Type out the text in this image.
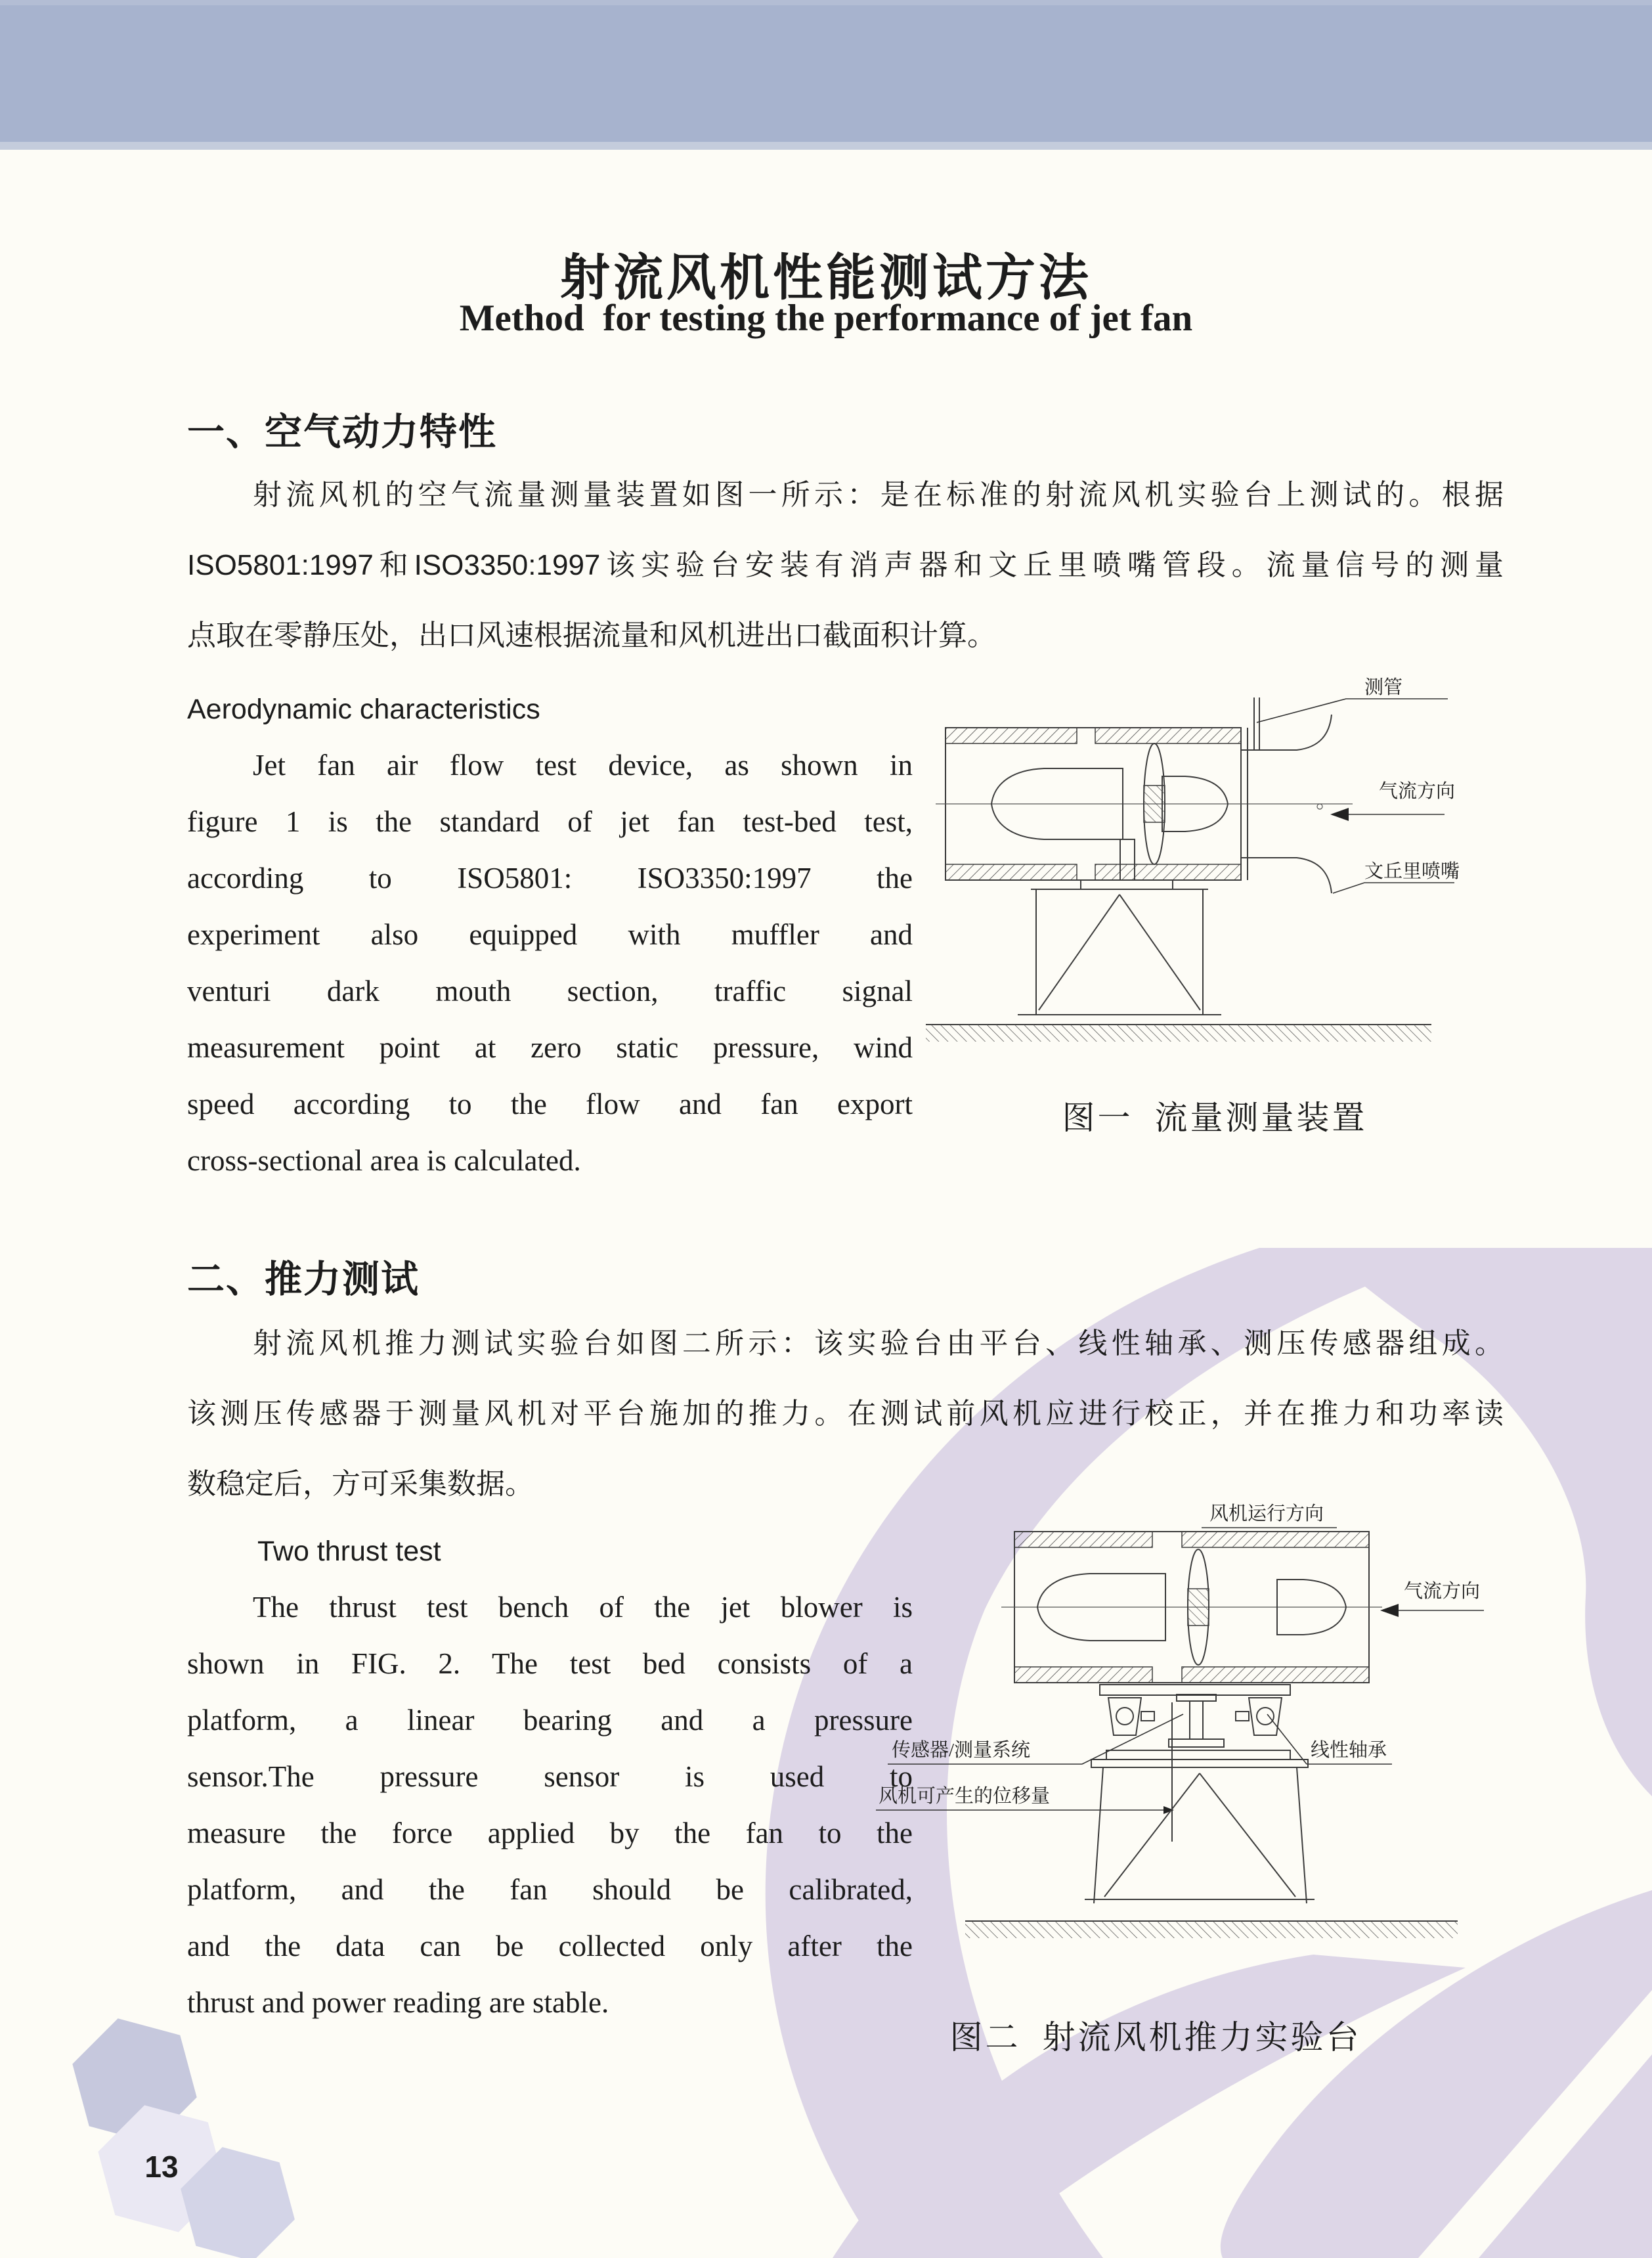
射流风机性能测试方法
Method  for testing the performance of jet fan
一、空气动力特性
射流风机的空气流量测量装置如图一所示：是在标准的射流风机实验台上测试的。根据
ISO5801:1997和ISO3350:1997该实验台安装有消声器和文丘里喷嘴管段。流量信号的测量
点取在零静压处，出口风速根据流量和风机进出口截面积计算。
Aerodynamic characteristics
Jet fan air flow test device, as shown in
figure 1 is the standard of jet fan test-bed test,
according to ISO5801: ISO3350:1997 the
experiment also equipped with muffler and
venturi dark mouth section, traffic signal
measurement point at zero static pressure, wind
speed according to the flow and fan export
cross-sectional area is calculated.
测管
气流方向
文丘里喷嘴
图一  流量测量装置
二、推力测试
射流风机推力测试实验台如图二所示：该实验台由平台、线性轴承、测压传感器组成。
该测压传感器于测量风机对平台施加的推力。在测试前风机应进行校正，并在推力和功率读
数稳定后，方可采集数据。
Two thrust test
The thrust test bench of the jet blower is
shown in FIG. 2. The test bed consists of a
platform, a linear bearing and a pressure
sensor.The pressure sensor is used to
measure the force applied by the fan to the
platform, and the fan should be calibrated,
and the data can be collected only after the
thrust and power reading are stable.
风机运行方向
气流方向
传感器/测量系统	线性轴承
风机可产生的位移量
图二  射流风机推力实验台
13
